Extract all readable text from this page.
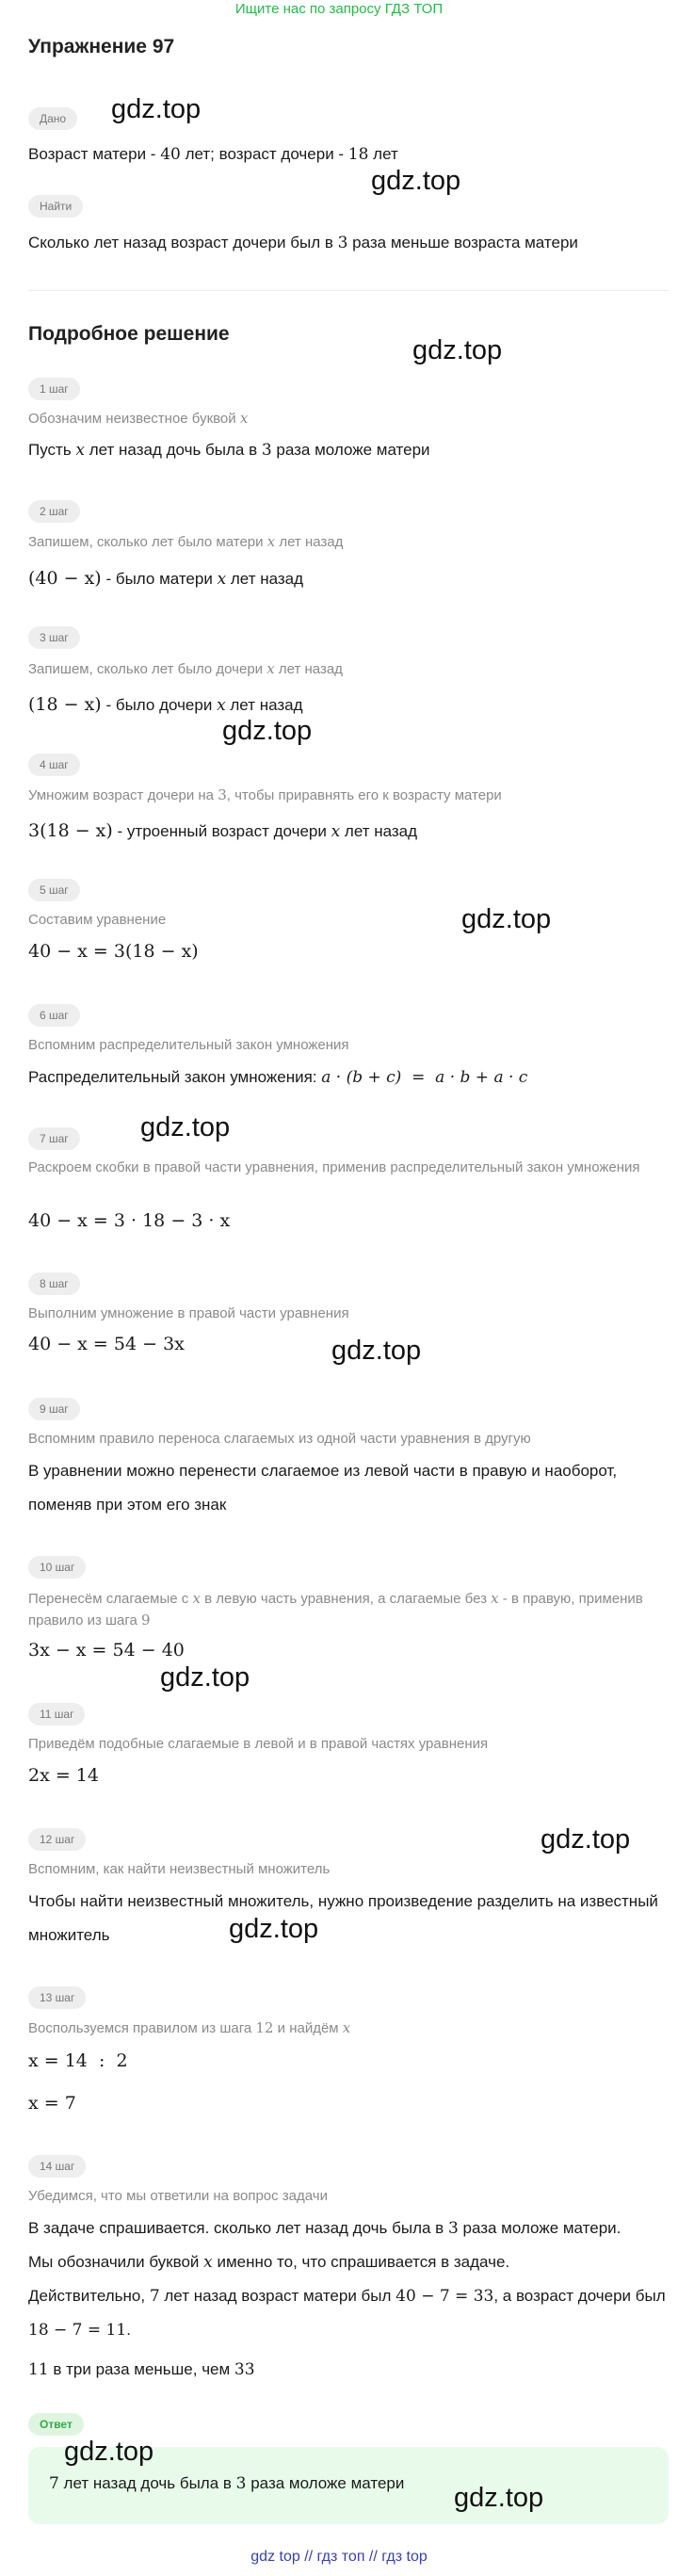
Ищите нас по запросу ГДЗ ТОП
Упражнение 97
Дано
Возраст матери - 40 лет; возраст дочери - 18 лет
Найти
Сколько лет назад возраст дочери был в 3 раза меньше возраста матери
Подробное решение
1 шаг
Обозначим неизвестное буквой x
Пусть x лет назад дочь была в 3 раза моложе матери
2 шаг
Запишем, сколько лет было матери x лет назад
(40 − x) - было матери x лет назад
3 шаг
Запишем, сколько лет было дочери x лет назад
(18 − x) - было дочери x лет назад
4 шаг
Умножим возраст дочери на 3, чтобы приравнять его к возрасту матери
3(18 − x) - утроенный возраст дочери x лет назад
5 шаг
Составим уравнение
40 − x = 3(18 − x)
6 шаг
Вспомним распределительный закон умножения
Распределительный закон умножения: a · (b + c)  =  a · b + a · c
7 шаг
Раскроем скобки в правой части уравнения, применив распределительный закон умножения
40 − x = 3 · 18 − 3 · x
8 шаг
Выполним умножение в правой части уравнения
40 − x = 54 − 3x
9 шаг
Вспомним правило переноса слагаемых из одной части уравнения в другую
В уравнении можно перенести слагаемое из левой части в правую и наоборот, поменяв при этом его знак
10 шаг
Перенесём слагаемые с x в левую часть уравнения, а слагаемые без x - в правую, применив правило из шага 9
3x − x = 54 − 40
11 шаг
Приведём подобные слагаемые в левой и в правой частях уравнения
2x = 14
12 шаг
Вспомним, как найти неизвестный множитель
Чтобы найти неизвестный множитель, нужно произведение разделить на известный множитель
13 шаг
Воспользуемся правилом из шага 12 и найдём x
x = 14  :  2
x = 7
14 шаг
Убедимся, что мы ответили на вопрос задачи
В задаче спрашивается. сколько лет назад дочь была в 3 раза моложе матери.
Мы обозначили буквой x именно то, что спрашивается в задаче.
Действительно, 7 лет назад возраст матери был 40 − 7 = 33, а возраст дочери был 18 − 7 = 11.
11 в три раза меньше, чем 33
Ответ
7 лет назад дочь была в 3 раза моложе матери
gdz.top
gdz.top
gdz.top
gdz.top
gdz.top
gdz.top
gdz.top
gdz.top
gdz.top
gdz.top
gdz.top
gdz.top
gdz top // гдз топ // гдз top
